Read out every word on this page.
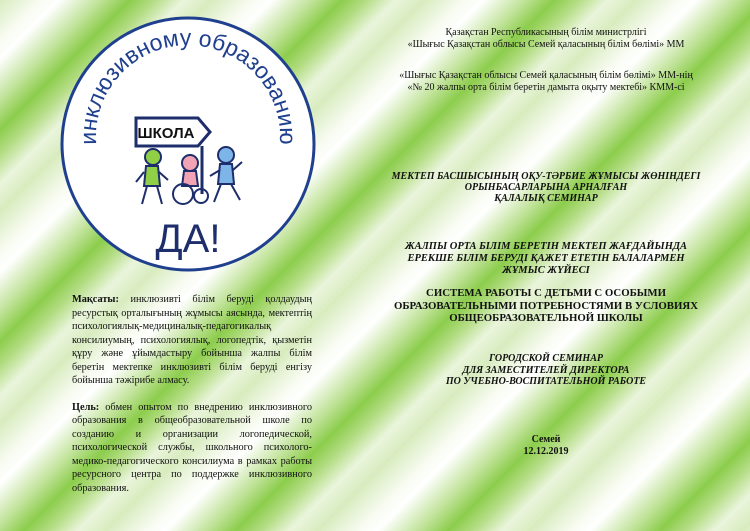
инклюзивному образованию
ШКОЛА
ДА!

Мақсаты: инклюзивті білім беруді қолдаудың ресурстық орталығының жұмысы аясында, мектептің психологиялық-медициналық-педагогикалық консилиумың, психологиялық, логопедтік, қызметін құру және ұйымдастыру бойынша жалпы білім беретін мектепке инклюзивті білім беруді енгізу бойынша тәжірибе алмасу.

Цель: обмен опытом по внедрению инклюзивного образования в общеобразовательной школе по созданию и организации логопедической, психологической службы, школьного психолого-медико-педагогического консилиума в рамках работы ресурсного центра по поддержке инклюзивного образования.

Қазақстан Республикасының білім министрлігі
«Шығыс Қазақстан облысы Семей қаласының білім бөлімі» ММ
«Шығыс Қазақстан облысы Семей қаласының білім бөлімі» ММ-нің
«№ 20 жалпы орта білім беретін дамыта оқыту мектебі» КММ-сі
МЕКТЕП БАСШЫСЫНЫҢ ОҚУ-ТӘРБИЕ ЖҰМЫСЫ ЖӨНІНДЕГІ
ОРЫНБАСАРЛАРЫНА АРНАЛҒАН
ҚАЛАЛЫҚ СЕМИНАР
ЖАЛПЫ ОРТА БІЛІМ БЕРЕТІН МЕКТЕП ЖАҒДАЙЫНДА
ЕРЕКШЕ БІЛІМ БЕРУДІ ҚАЖЕТ ЕТЕТІН БАЛАЛАРМЕН
ЖҰМЫС ЖҮЙЕСІ
СИСТЕМА РАБОТЫ С ДЕТЬМИ С ОСОБЫМИ
ОБРАЗОВАТЕЛЬНЫМИ ПОТРЕБНОСТЯМИ В УСЛОВИЯХ
ОБЩЕОБРАЗОВАТЕЛЬНОЙ ШКОЛЫ
ГОРОДСКОЙ СЕМИНАР
ДЛЯ ЗАМЕСТИТЕЛЕЙ ДИРЕКТОРА
ПО УЧЕБНО-ВОСПИТАТЕЛЬНОЙ РАБОТЕ
Семей
12.12.2019
